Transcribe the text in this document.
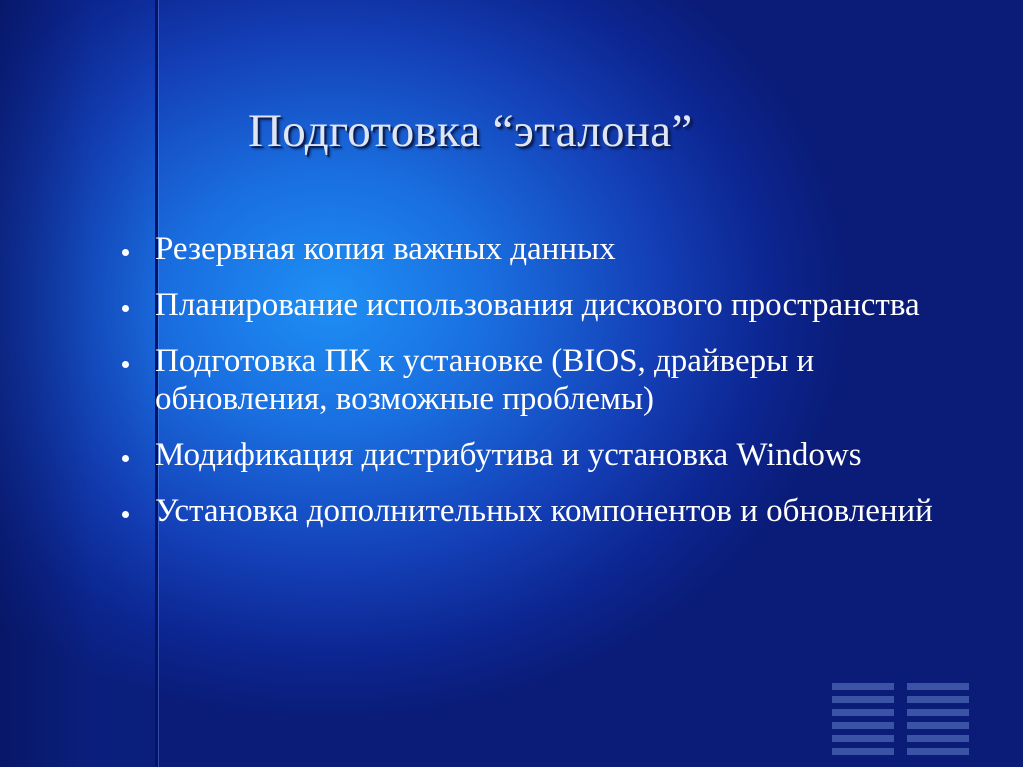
Подготовка “эталона”
Резервная копия важных данных
Планирование использования дискового пространства
Подготовка ПК к установке (BIOS, драйверы и обновления, возможные проблемы)
Модификация дистрибутива и установка Windows
Установка дополнительных компонентов и обновлений
